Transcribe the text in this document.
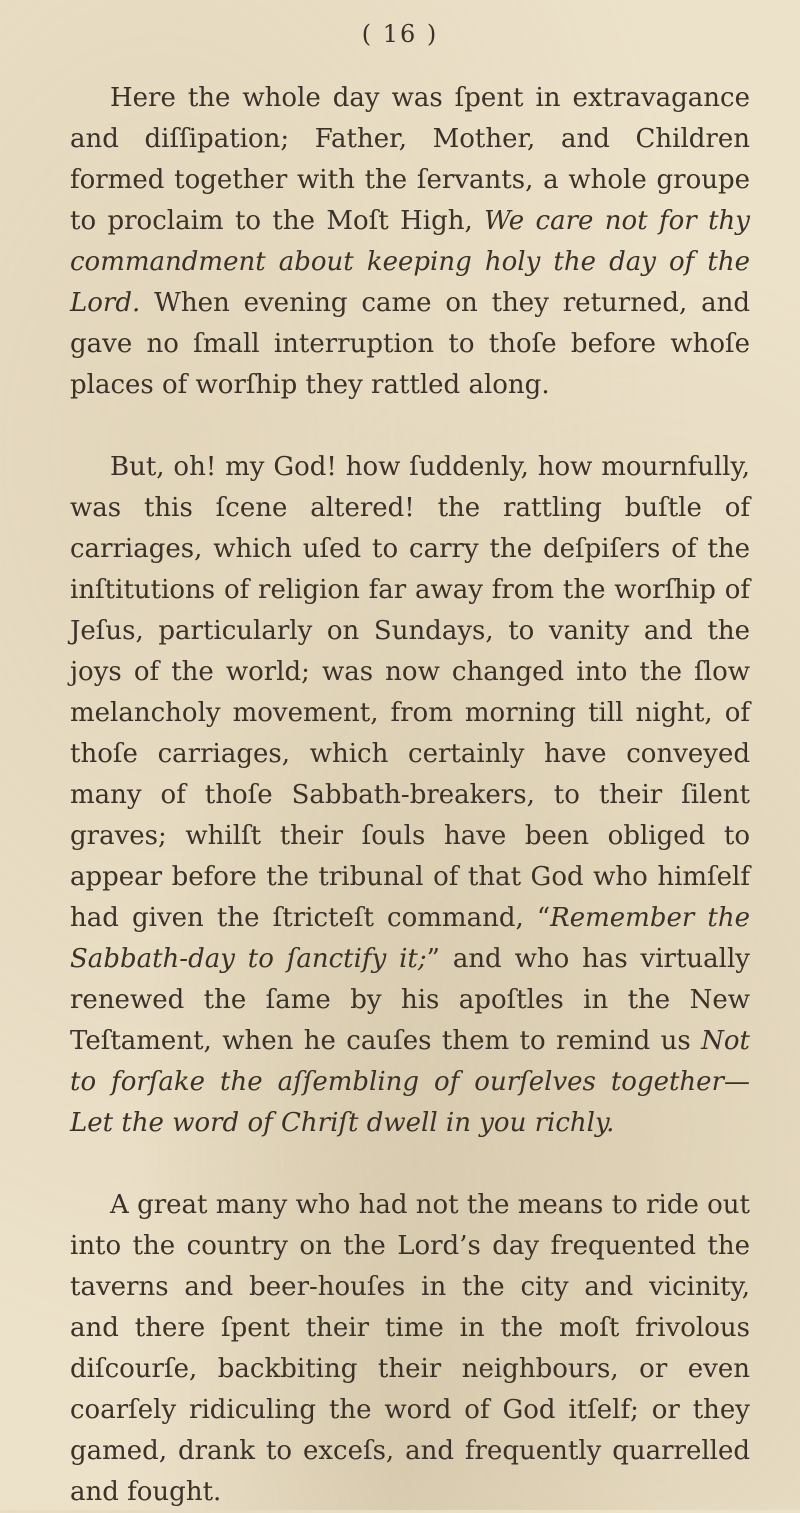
( 16 )

Here the whole day was ſpent in extravagance and diſſipation; Father, Mother, and Children formed together with the ſervants, a whole groupe to proclaim to the Moſt High, We care not for thy commandment about keeping holy the day of the Lord. When evening came on they returned, and gave no ſmall interruption to thoſe before whoſe places of worſhip they rattled along.

But, oh! my God! how ſuddenly, how mournfully, was this ſcene altered! the rattling buſtle of carriages, which uſed to carry the deſpiſers of the inſtitutions of religion far away from the worſhip of Jeſus, particularly on Sundays, to vanity and the joys of the world; was now changed into the ſlow melancholy movement, from morning till night, of thoſe carriages, which certainly have conveyed many of thoſe Sabbath-breakers, to their ſilent graves; whilſt their ſouls have been obliged to appear before the tribunal of that God who himſelf had given the ſtricteſt command, “Remember the Sabbath-day to ſanctify it;” and who has virtually renewed the ſame by his apoſtles in the New Teſtament, when he cauſes them to remind us Not to forſake the aſſembling of ourſelves together—Let the word of Chriſt dwell in you richly.

A great many who had not the means to ride out into the country on the Lord’s day frequented the taverns and beer-houſes in the city and vicinity, and there ſpent their time in the moſt frivolous diſcourſe, backbiting their neighbours, or even coarſely ridiculing the word of God itſelf; or they gamed, drank to exceſs, and frequently quarrelled and fought.
